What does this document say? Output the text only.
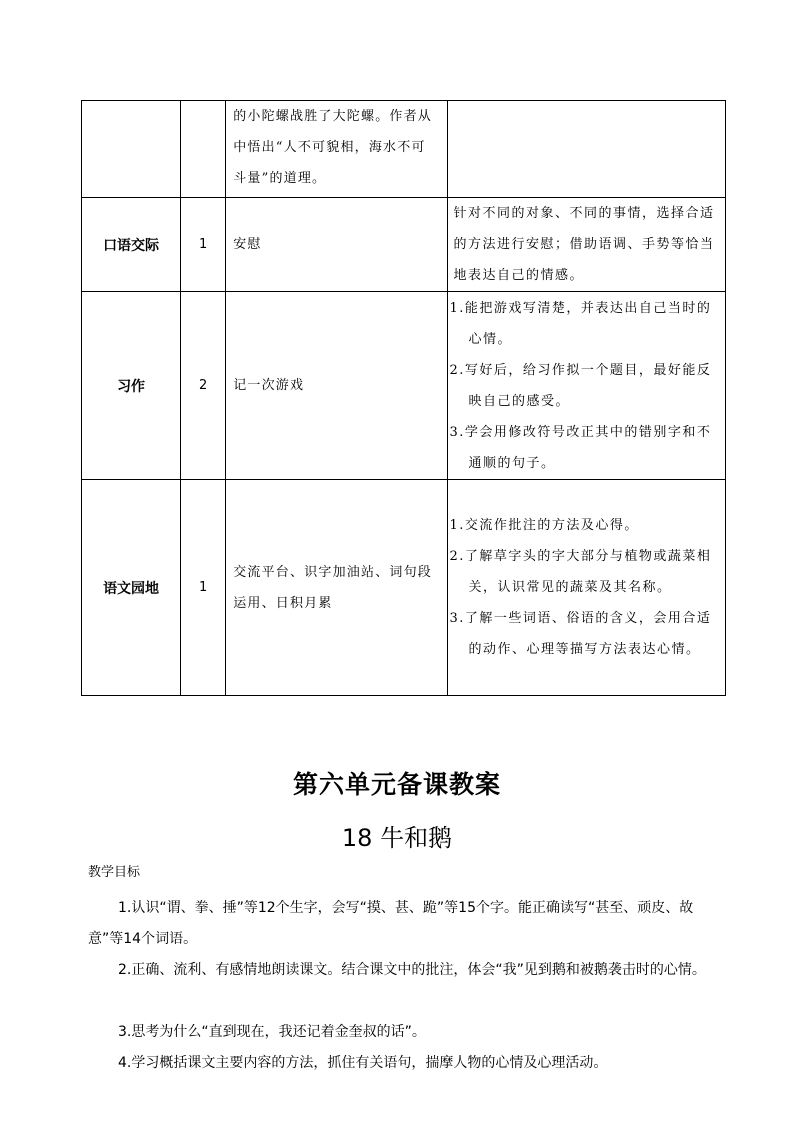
		的小陀螺战胜了大陀螺。作者从中悟出“人不可貌相，海水不可斗量”的道理。	
口语交际	1	安慰	针对不同的对象、不同的事情，选择合适的方法进行安慰；借助语调、手势等恰当地表达自己的情感。

习作	2	记一次游戏	1.能把游戏写清楚，并表达出自己当时的心情。
2.写好后，给习作拟一个题目，最好能反映自己的感受。
3.学会用修改符号改正其中的错别字和不通顺的句子。

语文园地	1	交流平台、识字加油站、词句段运用、日积月累	1.交流作批注的方法及心得。
2.了解草字头的字大部分与植物或蔬菜相关，认识常见的蔬菜及其名称。
3.了解一些词语、俗语的含义，会用合适的动作、心理等描写方法表达心情。
第六单元备课教案
18 牛和鹅
教学目标
1.认识“谓、拳、捶”等12个生字，会写“摸、甚、跪”等15个字。能正确读写“甚至、顽皮、故意”等14个词语。
2.正确、流利、有感情地朗读课文。结合课文中的批注，体会“我”见到鹅和被鹅袭击时的心情。
3.思考为什么“直到现在，我还记着金奎叔的话”。
4.学习概括课文主要内容的方法，抓住有关语句，揣摩人物的心情及心理活动。
